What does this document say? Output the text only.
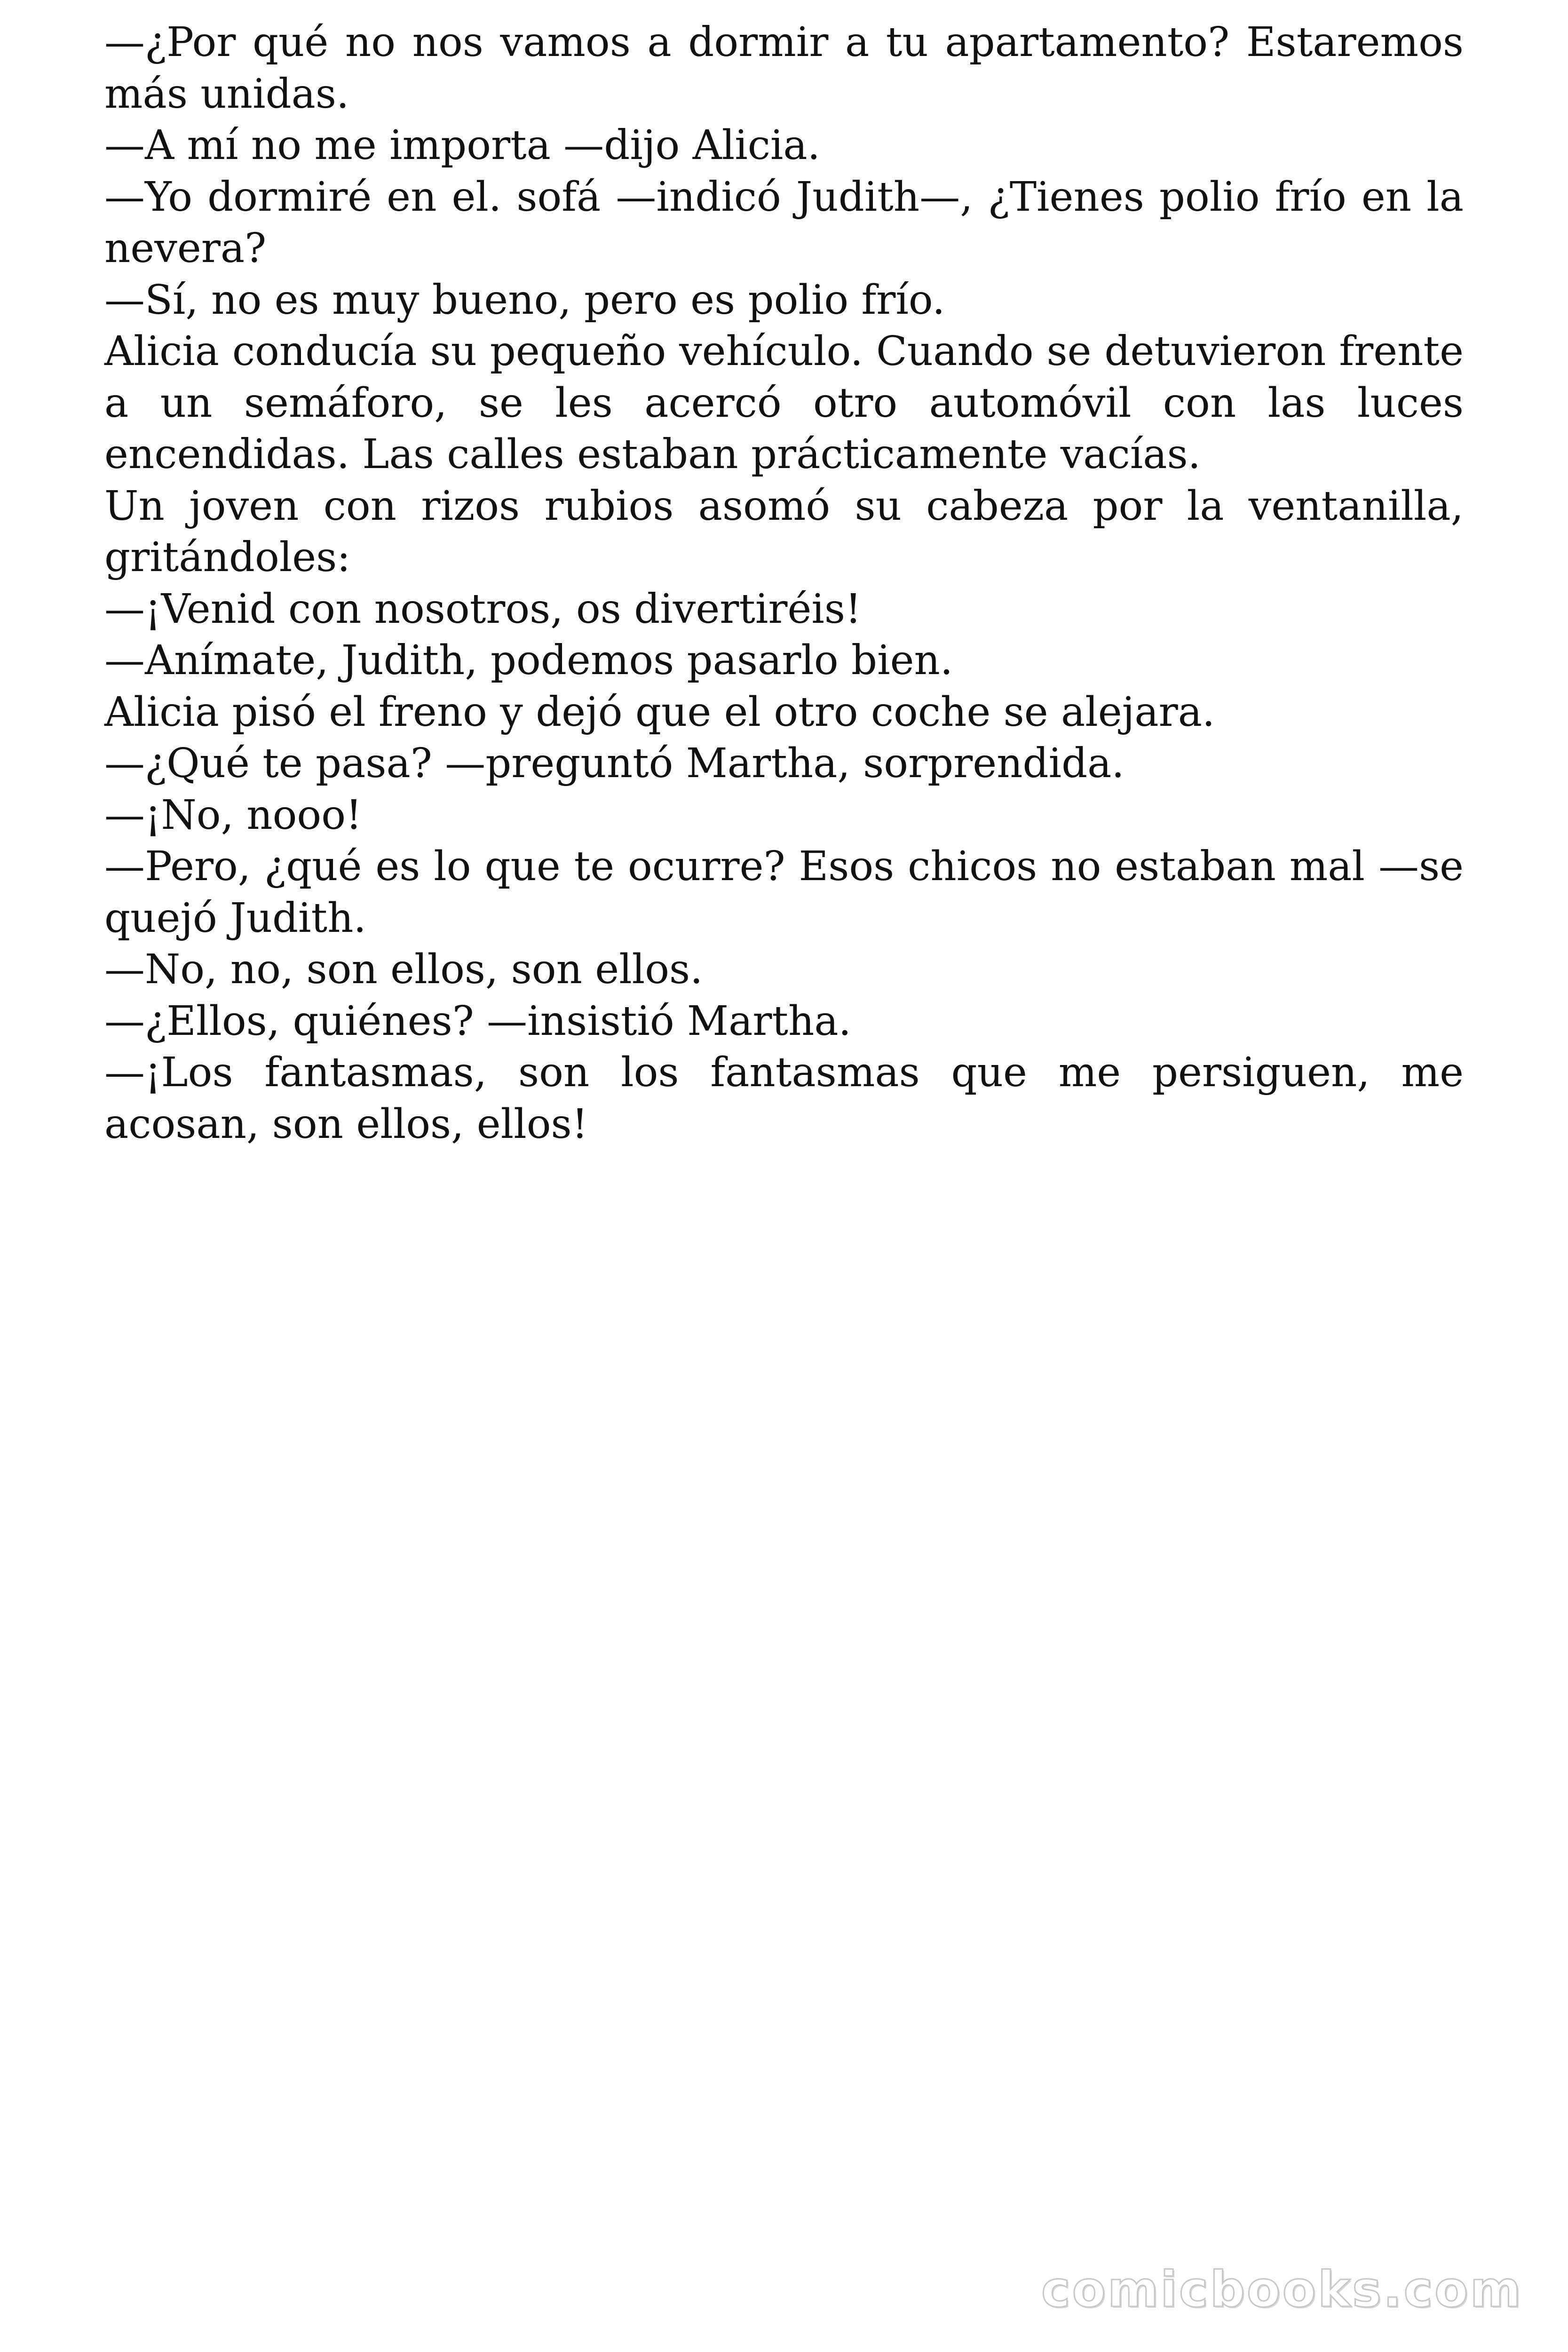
—¿Por qué no nos vamos a dormir a tu apartamento? Estaremos más unidas.

—A mí no me importa —dijo Alicia.

—Yo dormiré en el. sofá —indicó Judith—, ¿Tienes polio frío en la nevera?

—Sí, no es muy bueno, pero es polio frío.

Alicia conducía su pequeño vehículo. Cuando se detuvieron frente a un semáforo, se les acercó otro automóvil con las luces encendidas. Las calles estaban prácticamente vacías.

Un joven con rizos rubios asomó su cabeza por la ventanilla, gritándoles:

—¡Venid con nosotros, os divertiréis!

—Anímate, Judith, podemos pasarlo bien.

Alicia pisó el freno y dejó que el otro coche se alejara.

—¿Qué te pasa? —preguntó Martha, sorprendida.

—¡No, nooo!

—Pero, ¿qué es lo que te ocurre? Esos chicos no estaban mal —se quejó Judith.

—No, no, son ellos, son ellos.

—¿Ellos, quiénes? —insistió Martha.

—¡Los fantasmas, son los fantasmas que me persiguen, me acosan, son ellos, ellos!

comicbooks.com
